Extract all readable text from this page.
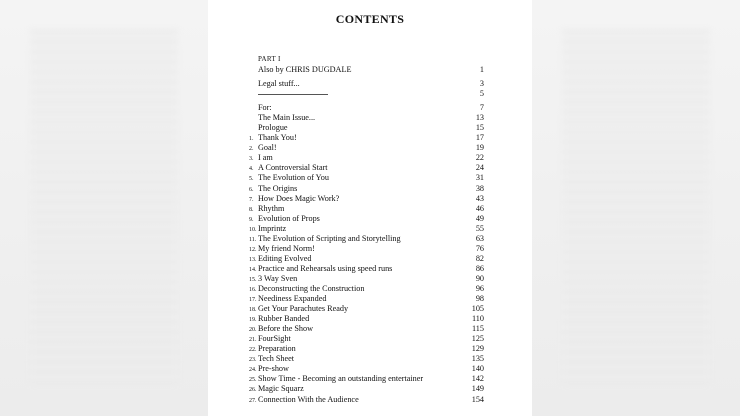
CONTENTS
PART I
Also by CHRIS DUGDALE	1
Legal stuff...	3
5
For:	7
The Main Issue...	13
Prologue	15
1. Thank You!	17
2. Goal!	19
3. I am	22
4. A Controversial Start	24
5. The Evolution of You	31
6. The Origins	38
7. How Does Magic Work?	43
8. Rhythm	46
9. Evolution of Props	49
10. Imprintz	55
11. The Evolution of Scripting and Storytelling	63
12. My friend Norm!	76
13. Editing Evolved	82
14. Practice and Rehearsals using speed runs	86
15. 3 Way Sven	90
16. Deconstructing the Construction	96
17. Neediness Expanded	98
18. Get Your Parachutes Ready	105
19. Rubber Banded	110
20. Before the Show	115
21. FourSight	125
22. Preparation	129
23. Tech Sheet	135
24. Pre-show	140
25. Show Time - Becoming an outstanding entertainer	142
26. Magic Squarz	149
27. Connection With the Audience	154
